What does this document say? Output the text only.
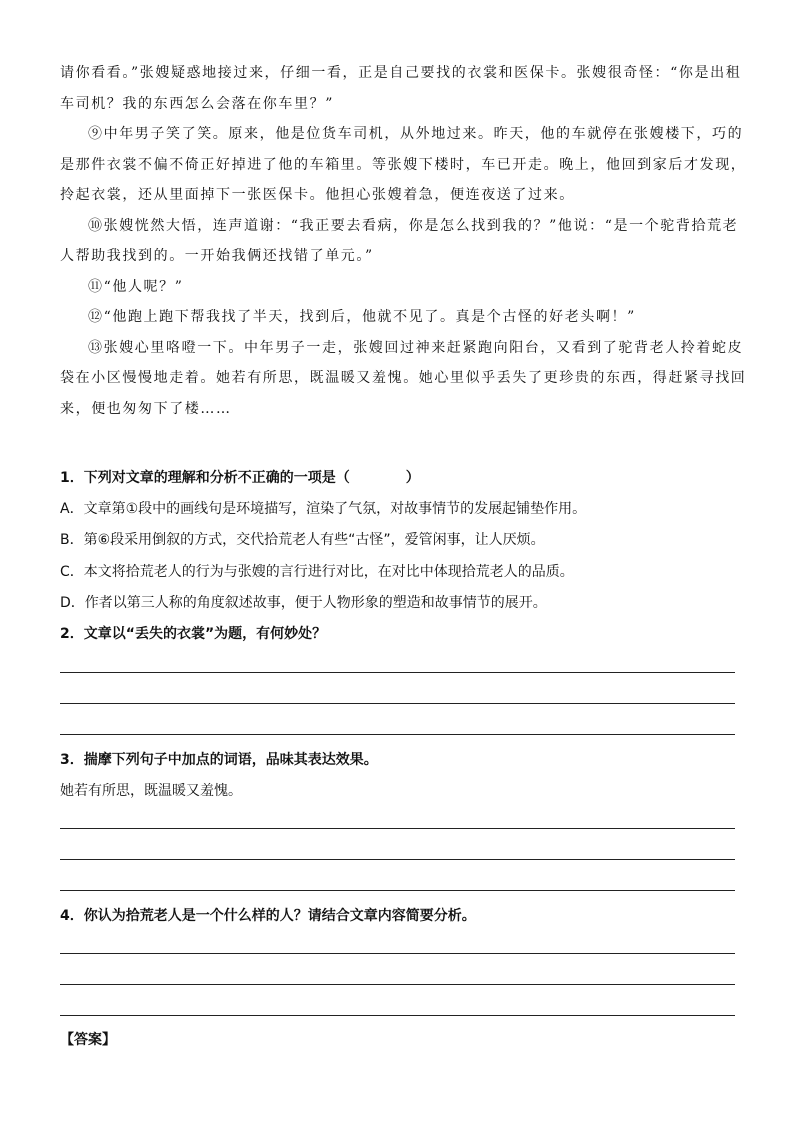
请你看看。”张嫂疑惑地接过来，仔细一看，正是自己要找的衣裳和医保卡。张嫂很奇怪：“你是出租车司机？我的东西怎么会落在你车里？”

⑨中年男子笑了笑。原来，他是位货车司机，从外地过来。昨天，他的车就停在张嫂楼下，巧的是那件衣裳不偏不倚正好掉进了他的车箱里。等张嫂下楼时，车已开走。晚上，他回到家后才发现，拎起衣裳，还从里面掉下一张医保卡。他担心张嫂着急，便连夜送了过来。

⑩张嫂恍然大悟，连声道谢：“我正要去看病，你是怎么找到我的？”他说：“是一个驼背拾荒老人帮助我找到的。一开始我俩还找错了单元。”

⑪“他人呢？”

⑫“他跑上跑下帮我找了半天，找到后，他就不见了。真是个古怪的好老头啊！”

⑬张嫂心里咯噔一下。中年男子一走，张嫂回过神来赶紧跑向阳台，又看到了驼背老人拎着蛇皮袋在小区慢慢地走着。她若有所思，既温暖又羞愧。她心里似乎丢失了更珍贵的东西，得赶紧寻找回来，便也匆匆下了楼……

1．下列对文章的理解和分析不正确的一项是（　　　　）
A．文章第①段中的画线句是环境描写，渲染了气氛，对故事情节的发展起铺垫作用。
B．第⑥段采用倒叙的方式，交代拾荒老人有些“古怪”，爱管闲事，让人厌烦。
C．本文将拾荒老人的行为与张嫂的言行进行对比，在对比中体现拾荒老人的品质。
D．作者以第三人称的角度叙述故事，便于人物形象的塑造和故事情节的展开。
2．文章以“丢失的衣裳”为题，有何妙处？
3．揣摩下列句子中加点的词语，品味其表达效果。
她若有所思，既温暖又羞愧。
4．你认为拾荒老人是一个什么样的人？请结合文章内容简要分析。
【答案】
